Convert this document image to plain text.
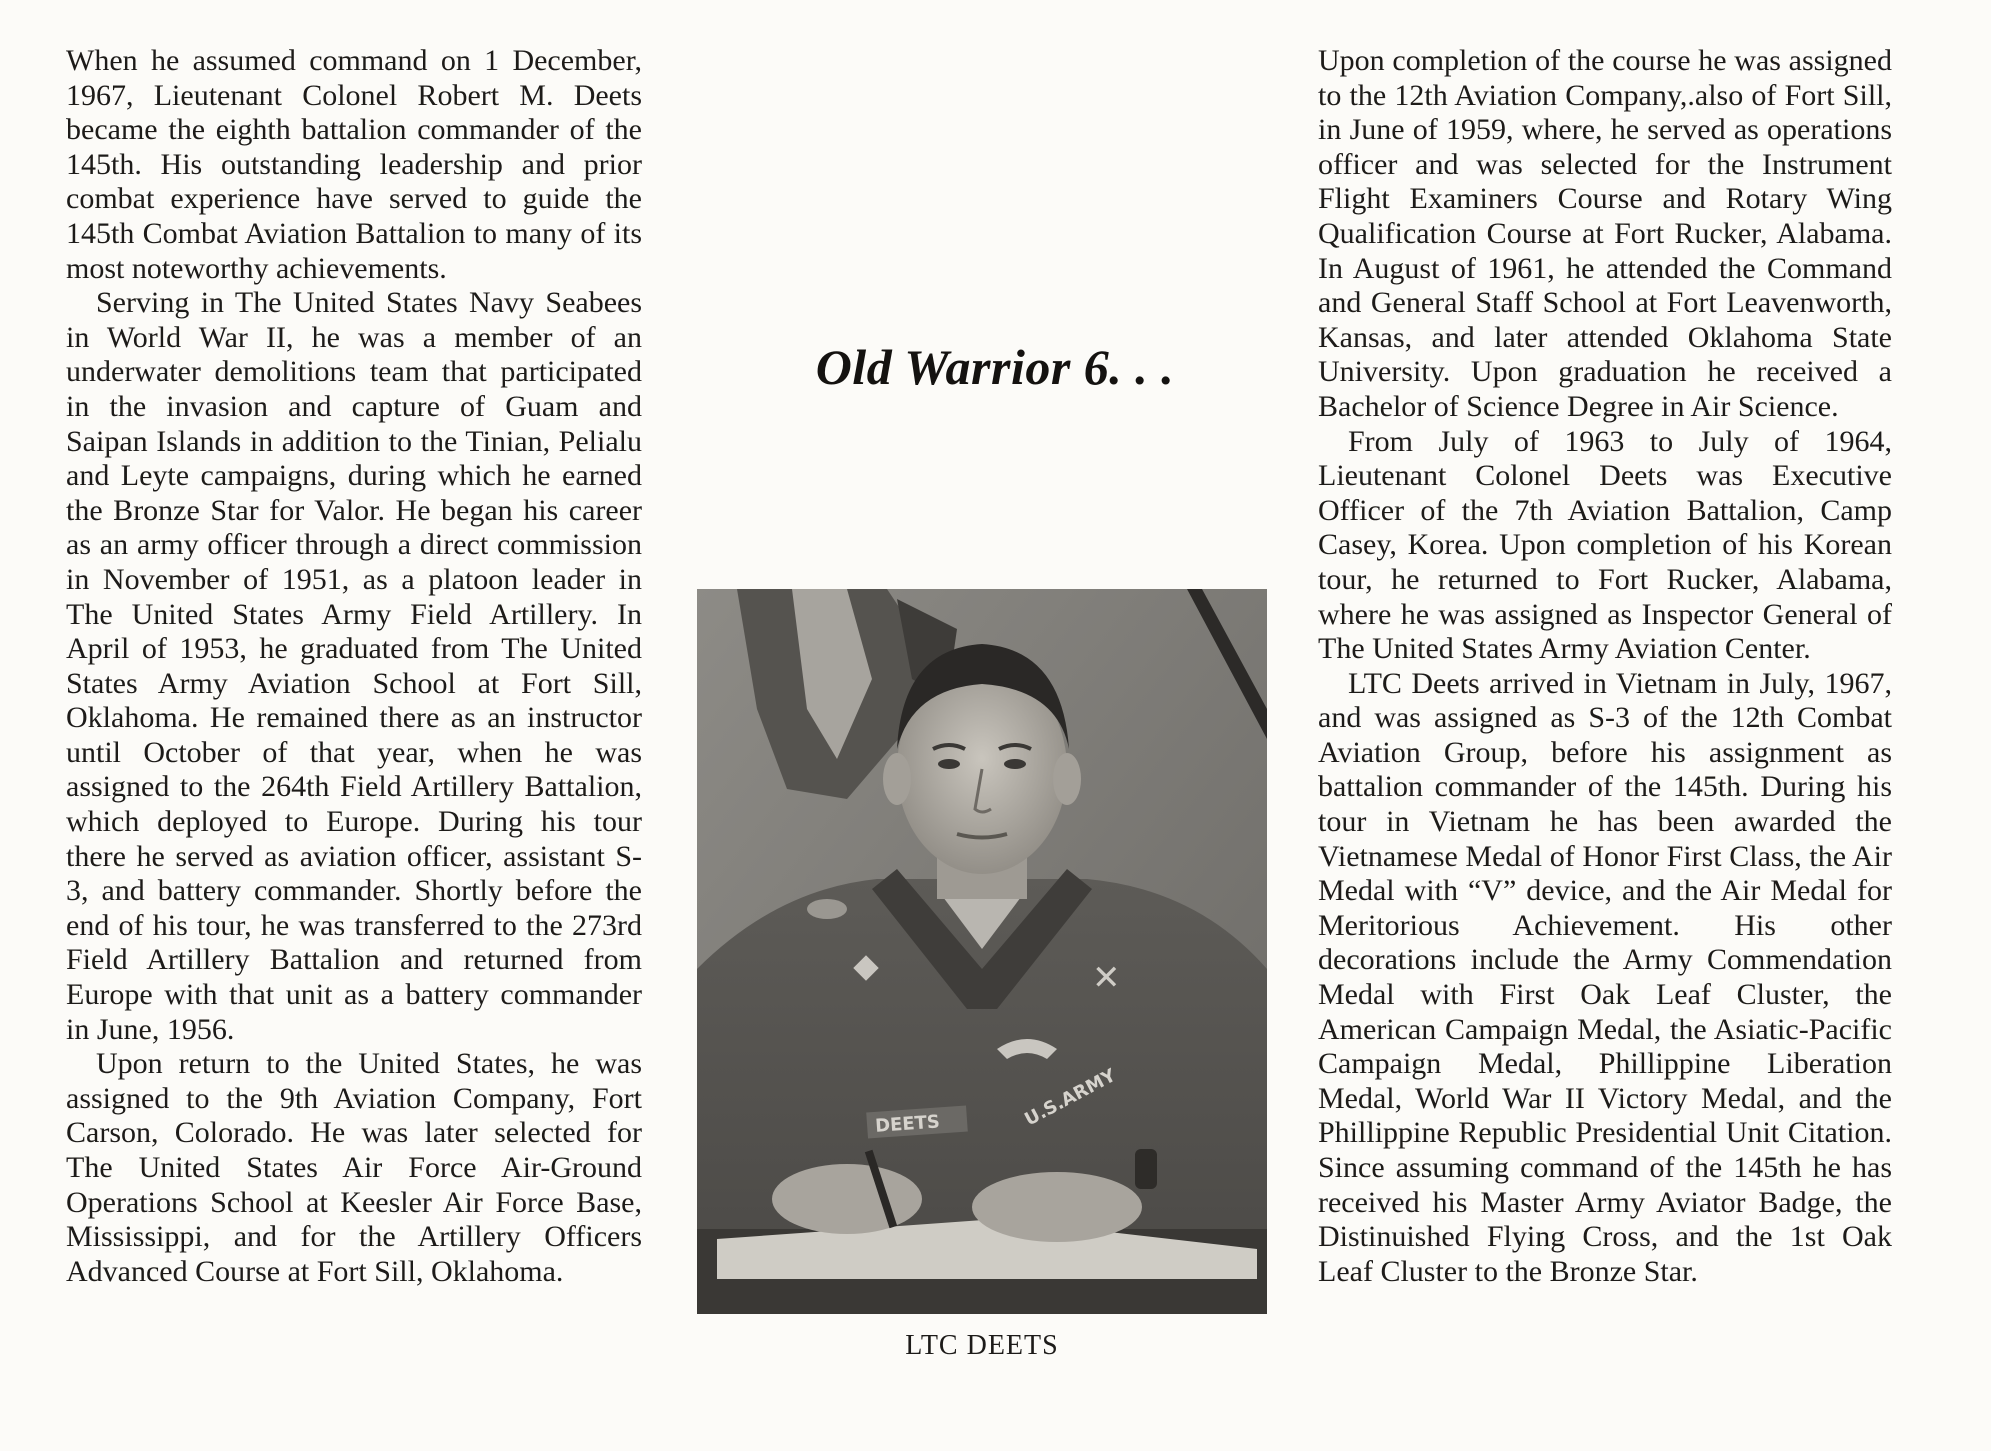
When he assumed command on 1 December, 1967, Lieutenant Colonel Robert M. Deets became the eighth battalion commander of the 145th. His outstanding leadership and prior combat experience have served to guide the 145th Combat Aviation Battalion to many of its most noteworthy achievements.

Serving in The United States Navy Seabees in World War II, he was a member of an underwater demolitions team that participated in the invasion and capture of Guam and Saipan Islands in addition to the Tinian, Pelialu and Leyte campaigns, during which he earned the Bronze Star for Valor. He began his career as an army officer through a direct commission in November of 1951, as a platoon leader in The United States Army Field Artillery. In April of 1953, he graduated from The United States Army Aviation School at Fort Sill, Oklahoma. He remained there as an instructor until October of that year, when he was assigned to the 264th Field Artillery Battalion, which deployed to Europe. During his tour there he served as aviation officer, assistant S-3, and battery commander. Shortly before the end of his tour, he was transferred to the 273rd Field Artillery Battalion and returned from Europe with that unit as a battery commander in June, 1956.

Upon return to the United States, he was assigned to the 9th Aviation Company, Fort Carson, Colorado. He was later selected for The United States Air Force Air-Ground Operations School at Keesler Air Force Base, Mississippi, and for the Artillery Officers Advanced Course at Fort Sill, Oklahoma.

Old Warrior 6. . .
✕
DEETS	U.S.ARMY
LTC DEETS

Upon completion of the course he was assigned to the 12th Aviation Company,.also of Fort Sill, in June of 1959, where, he served as operations officer and was selected for the Instrument Flight Examiners Course and Rotary Wing Qualification Course at Fort Rucker, Alabama. In August of 1961, he attended the Command and General Staff School at Fort Leavenworth, Kansas, and later attended Oklahoma State University. Upon graduation he received a Bachelor of Science Degree in Air Science.

From July of 1963 to July of 1964, Lieutenant Colonel Deets was Executive Officer of the 7th Aviation Battalion, Camp Casey, Korea. Upon completion of his Korean tour, he returned to Fort Rucker, Alabama, where he was assigned as Inspector General of The United States Army Aviation Center.

LTC Deets arrived in Vietnam in July, 1967, and was assigned as S-3 of the 12th Combat Aviation Group, before his assignment as battalion commander of the 145th. During his tour in Vietnam he has been awarded the Vietnamese Medal of Honor First Class, the Air Medal with “V” device, and the Air Medal for Meritorious Achievement. His other decorations include the Army Commendation Medal with First Oak Leaf Cluster, the American Campaign Medal, the Asiatic-Pacific Campaign Medal, Phillippine Liberation Medal, World War II Victory Medal, and the Phillippine Republic Presidential Unit Citation. Since assuming command of the 145th he has received his Master Army Aviator Badge, the Distinuished Flying Cross, and the 1st Oak Leaf Cluster to the Bronze Star.
